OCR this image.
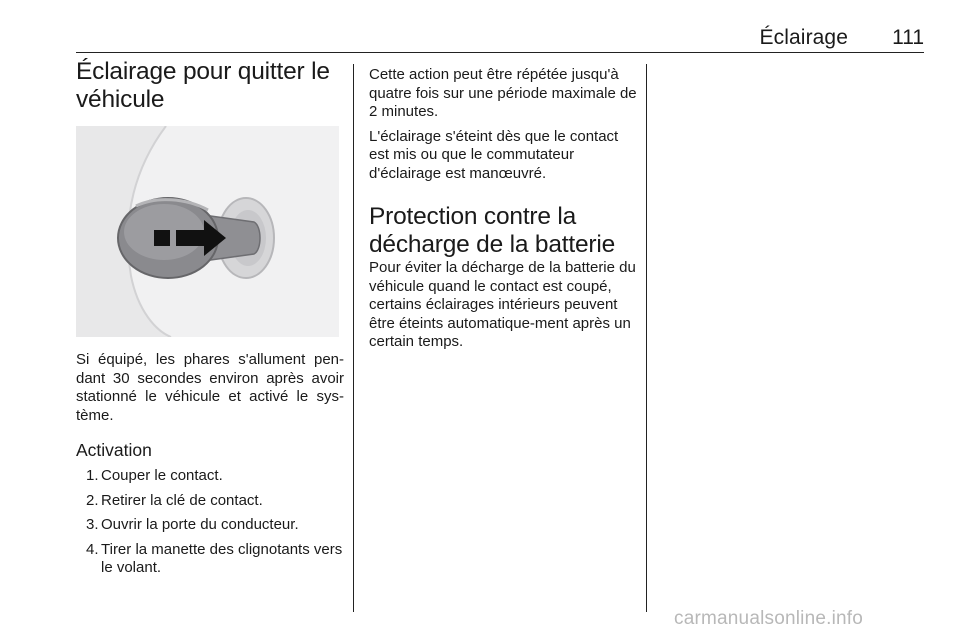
Éclairage	111
Éclairage pour quitter le
véhicule

Si équipé, les phares s'allument pen-dant 30 secondes environ après avoir stationné le véhicule et activé le sys-tème.

Activation
1. Couper le contact.
2. Retirer la clé de contact.
3. Ouvrir la porte du conducteur.
4. Tirer la manette des clignotants vers le volant.

Cette action peut être répétée jusqu'à quatre fois sur une période maximale de 2 minutes.

L'éclairage s'éteint dès que le contact est mis ou que le commutateur d'éclairage est manœuvré.

Protection contre la
décharge de la batterie

Pour éviter la décharge de la batterie du véhicule quand le contact est coupé, certains éclairages intérieurs peuvent être éteints automatique-ment après un certain temps.

carmanualsonline.info
